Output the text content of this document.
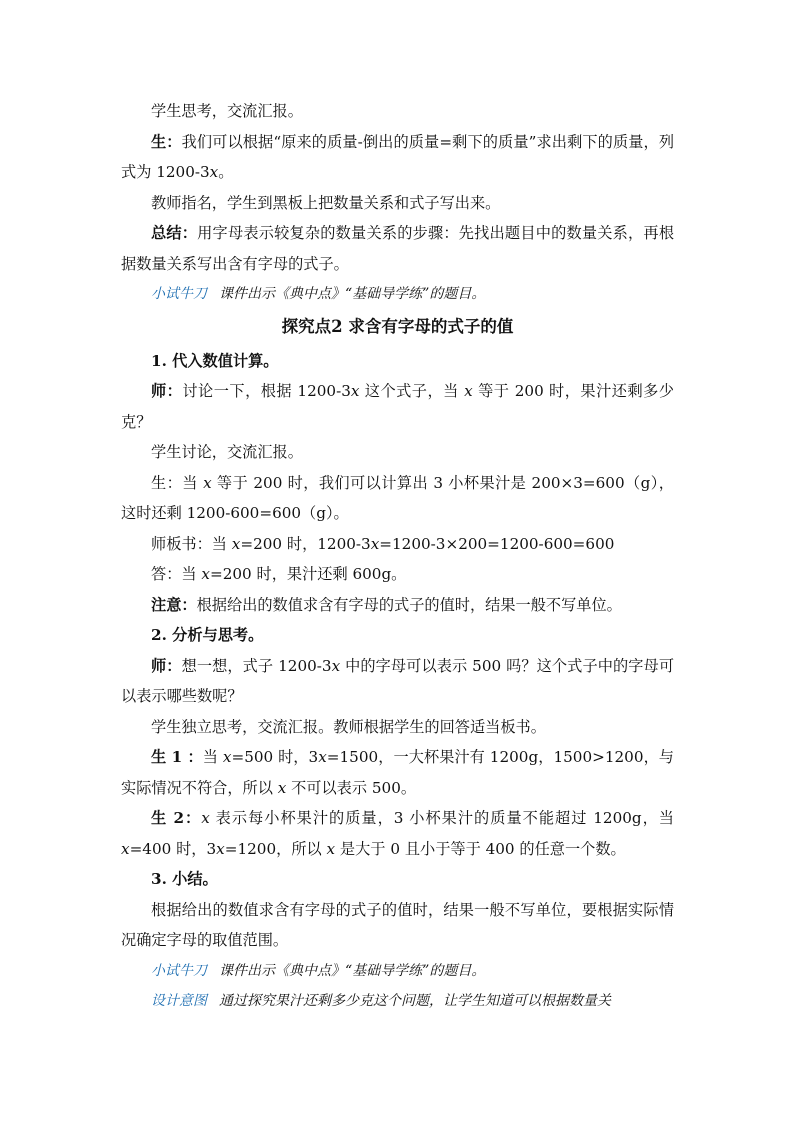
学生思考，交流汇报。

生：我们可以根据“原来的质量-倒出的质量=剩下的质量”求出剩下的质量，列式为 1200-3x。

教师指名，学生到黑板上把数量关系和式子写出来。

总结：用字母表示较复杂的数量关系的步骤：先找出题目中的数量关系，再根据数量关系写出含有字母的式子。

小试牛刀 课件出示《典中点》“基础导学练”的题目。

探究点2 求含有字母的式子的值

1. 代入数值计算。

师：讨论一下，根据 1200-3x 这个式子，当 x 等于 200 时，果汁还剩多少克？

学生讨论，交流汇报。

生：当 x 等于 200 时，我们可以计算出 3 小杯果汁是 200×3=600（g），这时还剩 1200-600=600（g）。

师板书：当 x=200 时，1200-3x=1200-3×200=1200-600=600

答：当 x=200 时，果汁还剩 600g。

注意：根据给出的数值求含有字母的式子的值时，结果一般不写单位。

2. 分析与思考。

师：想一想，式子 1200-3x 中的字母可以表示 500 吗？这个式子中的字母可以表示哪些数呢？

学生独立思考，交流汇报。教师根据学生的回答适当板书。

生 1 ：当 x=500 时，3x=1500，一大杯果汁有 1200g，1500>1200，与实际情况不符合，所以 x 不可以表示 500。

生 2：x 表示每小杯果汁的质量，3 小杯果汁的质量不能超过 1200g，当 x=400 时，3x=1200，所以 x 是大于 0 且小于等于 400 的任意一个数。

3. 小结。

根据给出的数值求含有字母的式子的值时，结果一般不写单位，要根据实际情况确定字母的取值范围。

小试牛刀 课件出示《典中点》“基础导学练”的题目。

设计意图 通过探究果汁还剩多少克这个问题，让学生知道可以根据数量关
